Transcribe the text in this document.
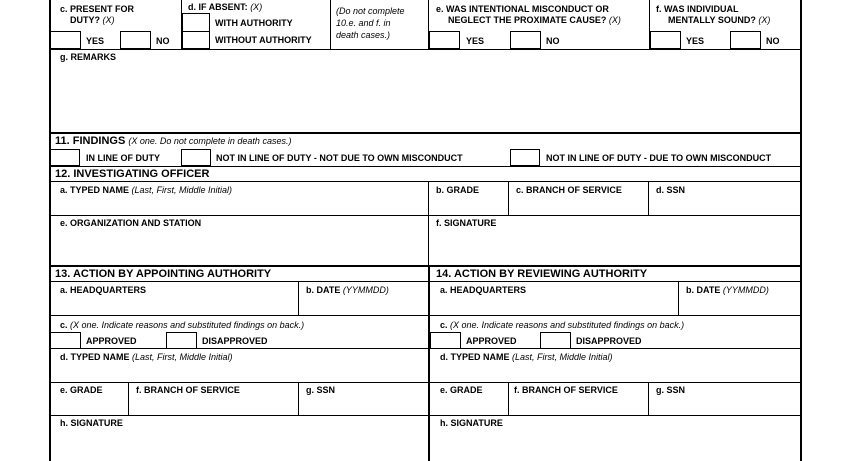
c. PRESENT FOR
DUTY? (X)
YES	NO
d. IF ABSENT: (X)
WITH AUTHORITY
WITHOUT AUTHORITY
(Do not complete
10.e. and f. in
death cases.)
e. WAS INTENTIONAL MISCONDUCT OR
NEGLECT THE PROXIMATE CAUSE? (X)
YES	NO
f. WAS INDIVIDUAL
MENTALLY SOUND? (X)
YES	NO
g. REMARKS
11. FINDINGS (X one. Do not complete in death cases.)
IN LINE OF DUTY	NOT IN LINE OF DUTY - NOT DUE TO OWN MISCONDUCT	NOT IN LINE OF DUTY - DUE TO OWN MISCONDUCT
12. INVESTIGATING OFFICER
a. TYPED NAME (Last, First, Middle Initial)	b. GRADE	c. BRANCH OF SERVICE	d. SSN
e. ORGANIZATION AND STATION	f. SIGNATURE
13. ACTION BY APPOINTING AUTHORITY
a. HEADQUARTERS	b. DATE (YYMMDD)
c. (X one. Indicate reasons and substituted findings on back.)
APPROVED	DISAPPROVED
d. TYPED NAME (Last, First, Middle Initial)
e. GRADE	f. BRANCH OF SERVICE	g. SSN
h. SIGNATURE
14. ACTION BY REVIEWING AUTHORITY
a. HEADQUARTERS	b. DATE (YYMMDD)
c. (X one. Indicate reasons and substituted findings on back.)
APPROVED	DISAPPROVED
d. TYPED NAME (Last, First, Middle Initial)
e. GRADE	f. BRANCH OF SERVICE	g. SSN
h. SIGNATURE
